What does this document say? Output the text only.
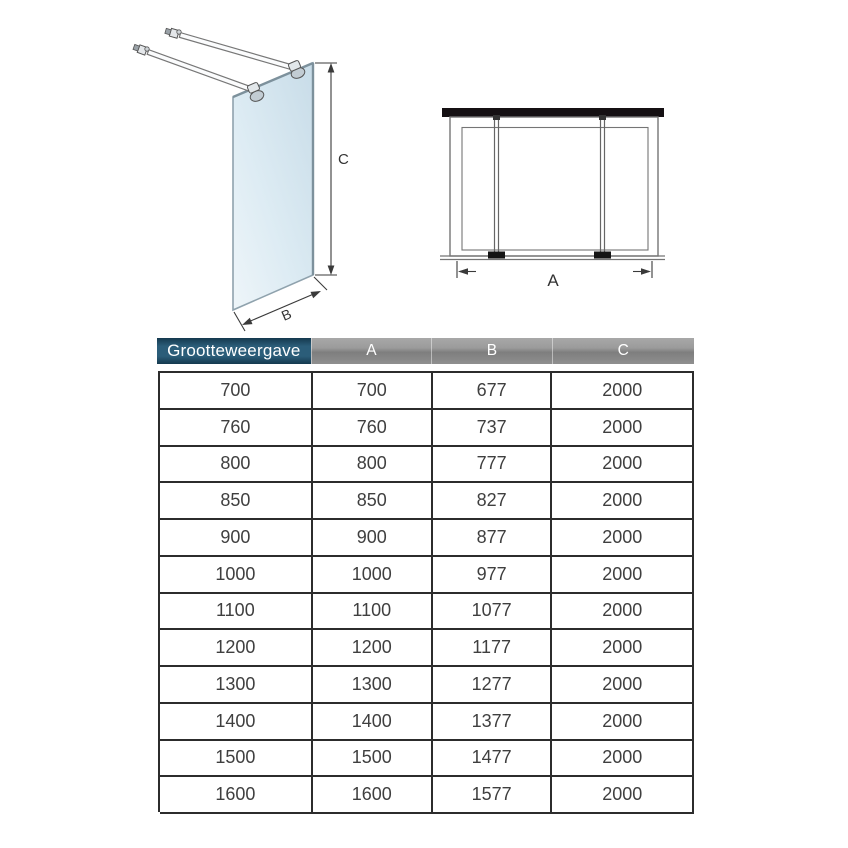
C
B
A
Grootteweergave	A	B	C
700	700	677	2000
760	760	737	2000
800	800	777	2000
850	850	827	2000
900	900	877	2000
1000	1000	977	2000
1100	1100	1077	2000
1200	1200	1177	2000
1300	1300	1277	2000
1400	1400	1377	2000
1500	1500	1477	2000
1600	1600	1577	2000
